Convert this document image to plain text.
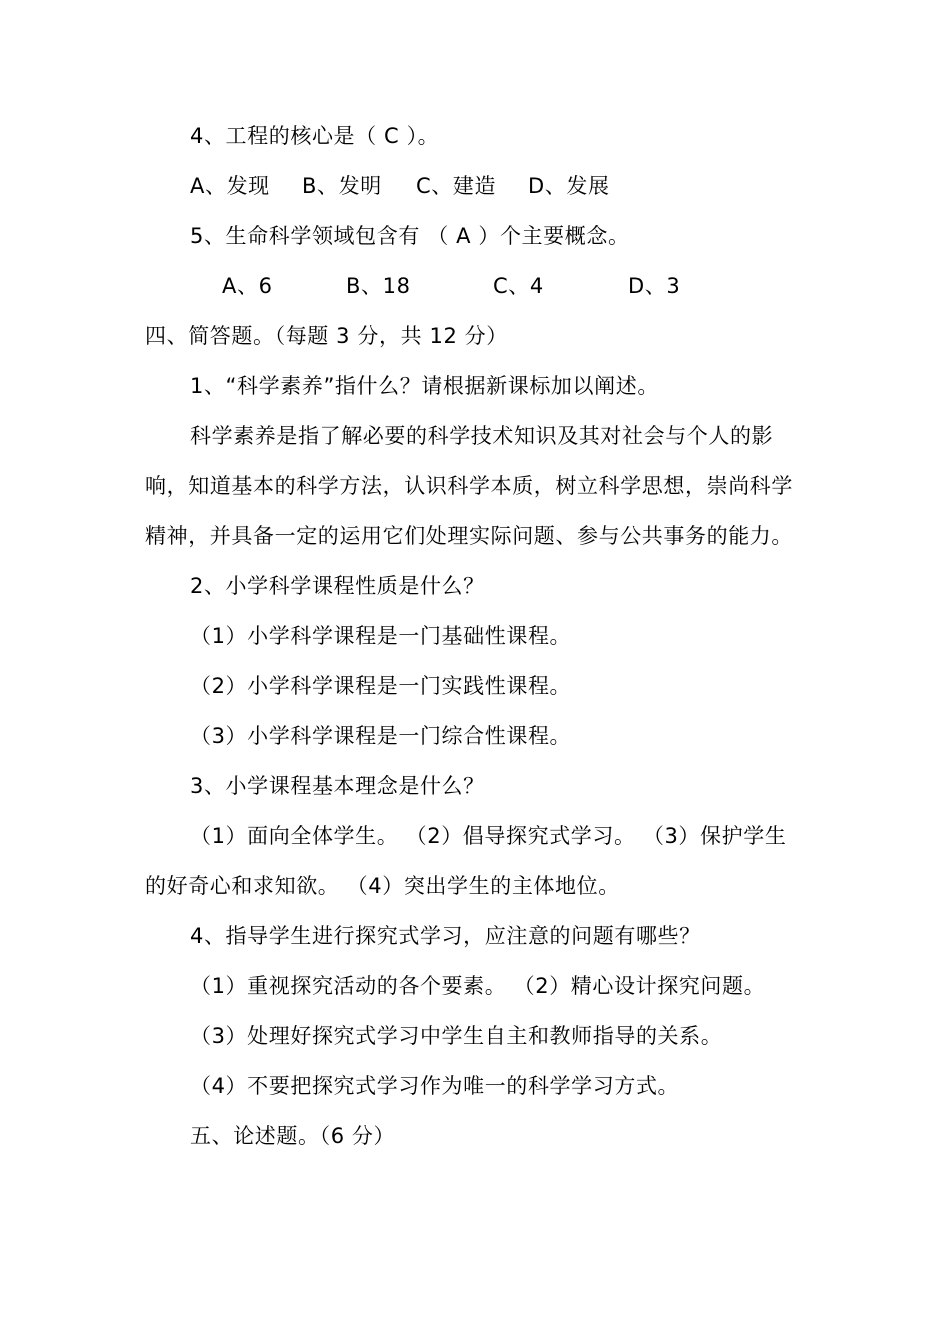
4、工程的核心是（ C ）。
A、发现 B、发明 C、建造 D、发展
5、生命科学领域包含有 （ A ）个主要概念。
A、6	B、18	C、4	D、3
四、简答题。（每题 3 分，共 12 分）
1、“科学素养”指什么？请根据新课标加以阐述。
科学素养是指了解必要的科学技术知识及其对社会与个人的影
响，知道基本的科学方法，认识科学本质，树立科学思想，崇尚科学
精神，并具备一定的运用它们处理实际问题、参与公共事务的能力。
2、小学科学课程性质是什么？
（1）小学科学课程是一门基础性课程。
（2）小学科学课程是一门实践性课程。
（3）小学科学课程是一门综合性课程。
3、小学课程基本理念是什么？
（1）面向全体学生。 （2）倡导探究式学习。 （3）保护学生
的好奇心和求知欲。 （4）突出学生的主体地位。
4、指导学生进行探究式学习，应注意的问题有哪些？
（1）重视探究活动的各个要素。 （2）精心设计探究问题。
（3）处理好探究式学习中学生自主和教师指导的关系。
（4）不要把探究式学习作为唯一的科学学习方式。
五、论述题。（6 分）
